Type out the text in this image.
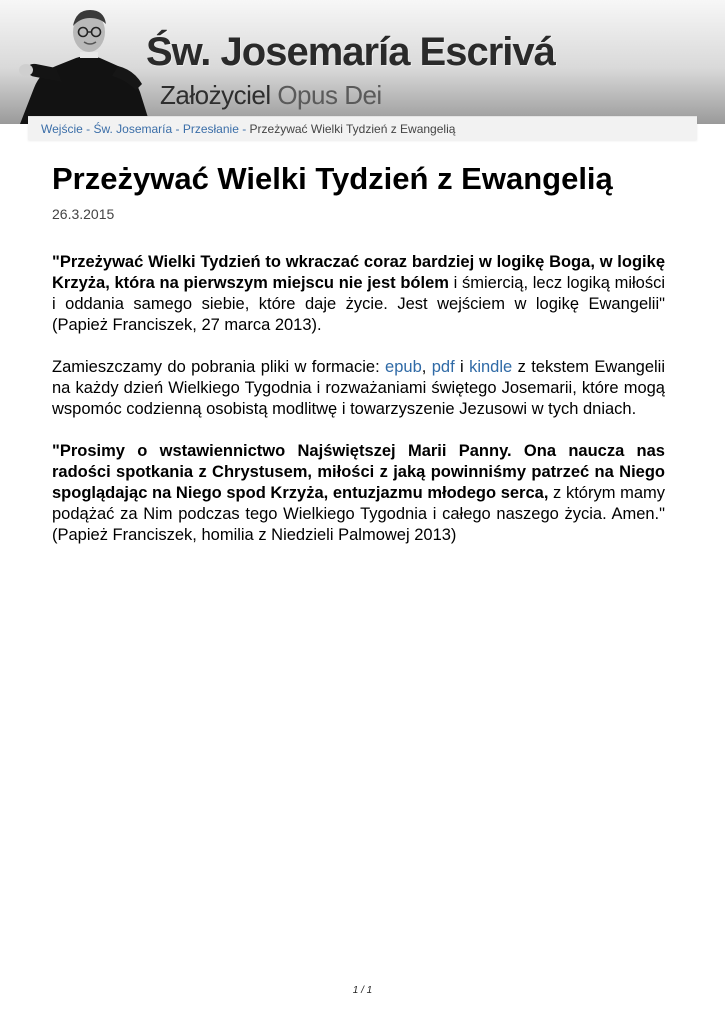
Św. Josemaría Escrivá
Założyciel Opus Dei
Wejście - Św. Josemaría - Przesłanie - Przeżywać Wielki Tydzień z Ewangelią
Przeżywać Wielki Tydzień z Ewangelią
26.3.2015

"Przeżywać Wielki Tydzień to wkraczać coraz bardziej w logikę Boga, w logikę Krzyża, która na pierwszym miejscu nie jest bólem i śmiercią, lecz logiką miłości i oddania samego siebie, które daje życie. Jest wejściem w logikę Ewangelii" (Papież Franciszek, 27 marca 2013).

Zamieszczamy do pobrania pliki w formacie: epub, pdf i kindle z tekstem Ewangelii na każdy dzień Wielkiego Tygodnia i rozważaniami świętego Josemarii, które mogą wspomóc codzienną osobistą modlitwę i towarzyszenie Jezusowi w tych dniach.

"Prosimy o wstawiennictwo Najświętszej Marii Panny. Ona naucza nas radości spotkania z Chrystusem, miłości z jaką powinniśmy patrzeć na Niego spoglądając na Niego spod Krzyża, entuzjazmu młodego serca, z którym mamy podążać za Nim podczas tego Wielkiego Tygodnia i całego naszego życia. Amen." (Papież Franciszek, homilia z Niedzieli Palmowej 2013)

1 / 1
